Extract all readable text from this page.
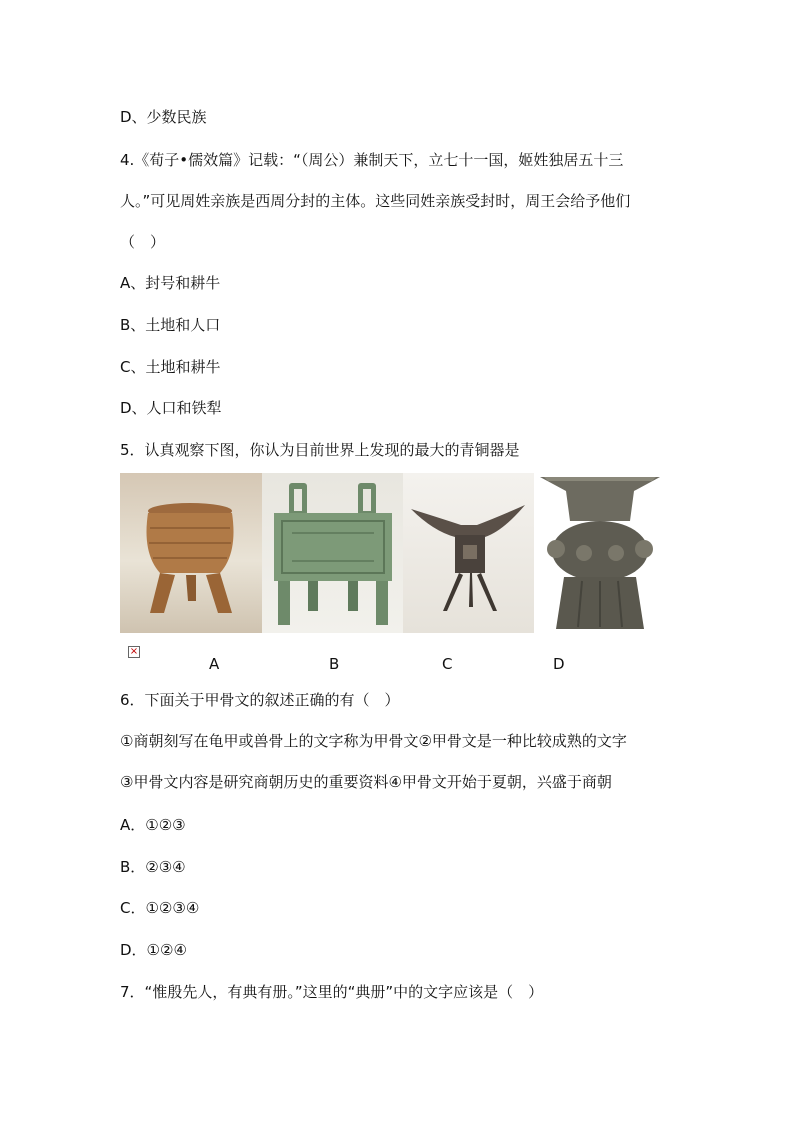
D、少数民族
4.《荀子•儒效篇》记载：“（周公）兼制天下，立七十一国，姬姓独居五十三
人。”可见周姓亲族是西周分封的主体。这些同姓亲族受封时，周王会给予他们
（　）
A、封号和耕牛
B、土地和人口
C、土地和耕牛
D、人口和铁犁
5．认真观察下图，你认为目前世界上发现的最大的青铜器是
×
A	B	C	D
6．下面关于甲骨文的叙述正确的有（　）
①商朝刻写在龟甲或兽骨上的文字称为甲骨文②甲骨文是一种比较成熟的文字
③甲骨文内容是研究商朝历史的重要资料④甲骨文开始于夏朝，兴盛于商朝
A．①②③
B．②③④
C．①②③④
D．①②④
7．“惟殷先人，有典有册。”这里的“典册”中的文字应该是（　）
